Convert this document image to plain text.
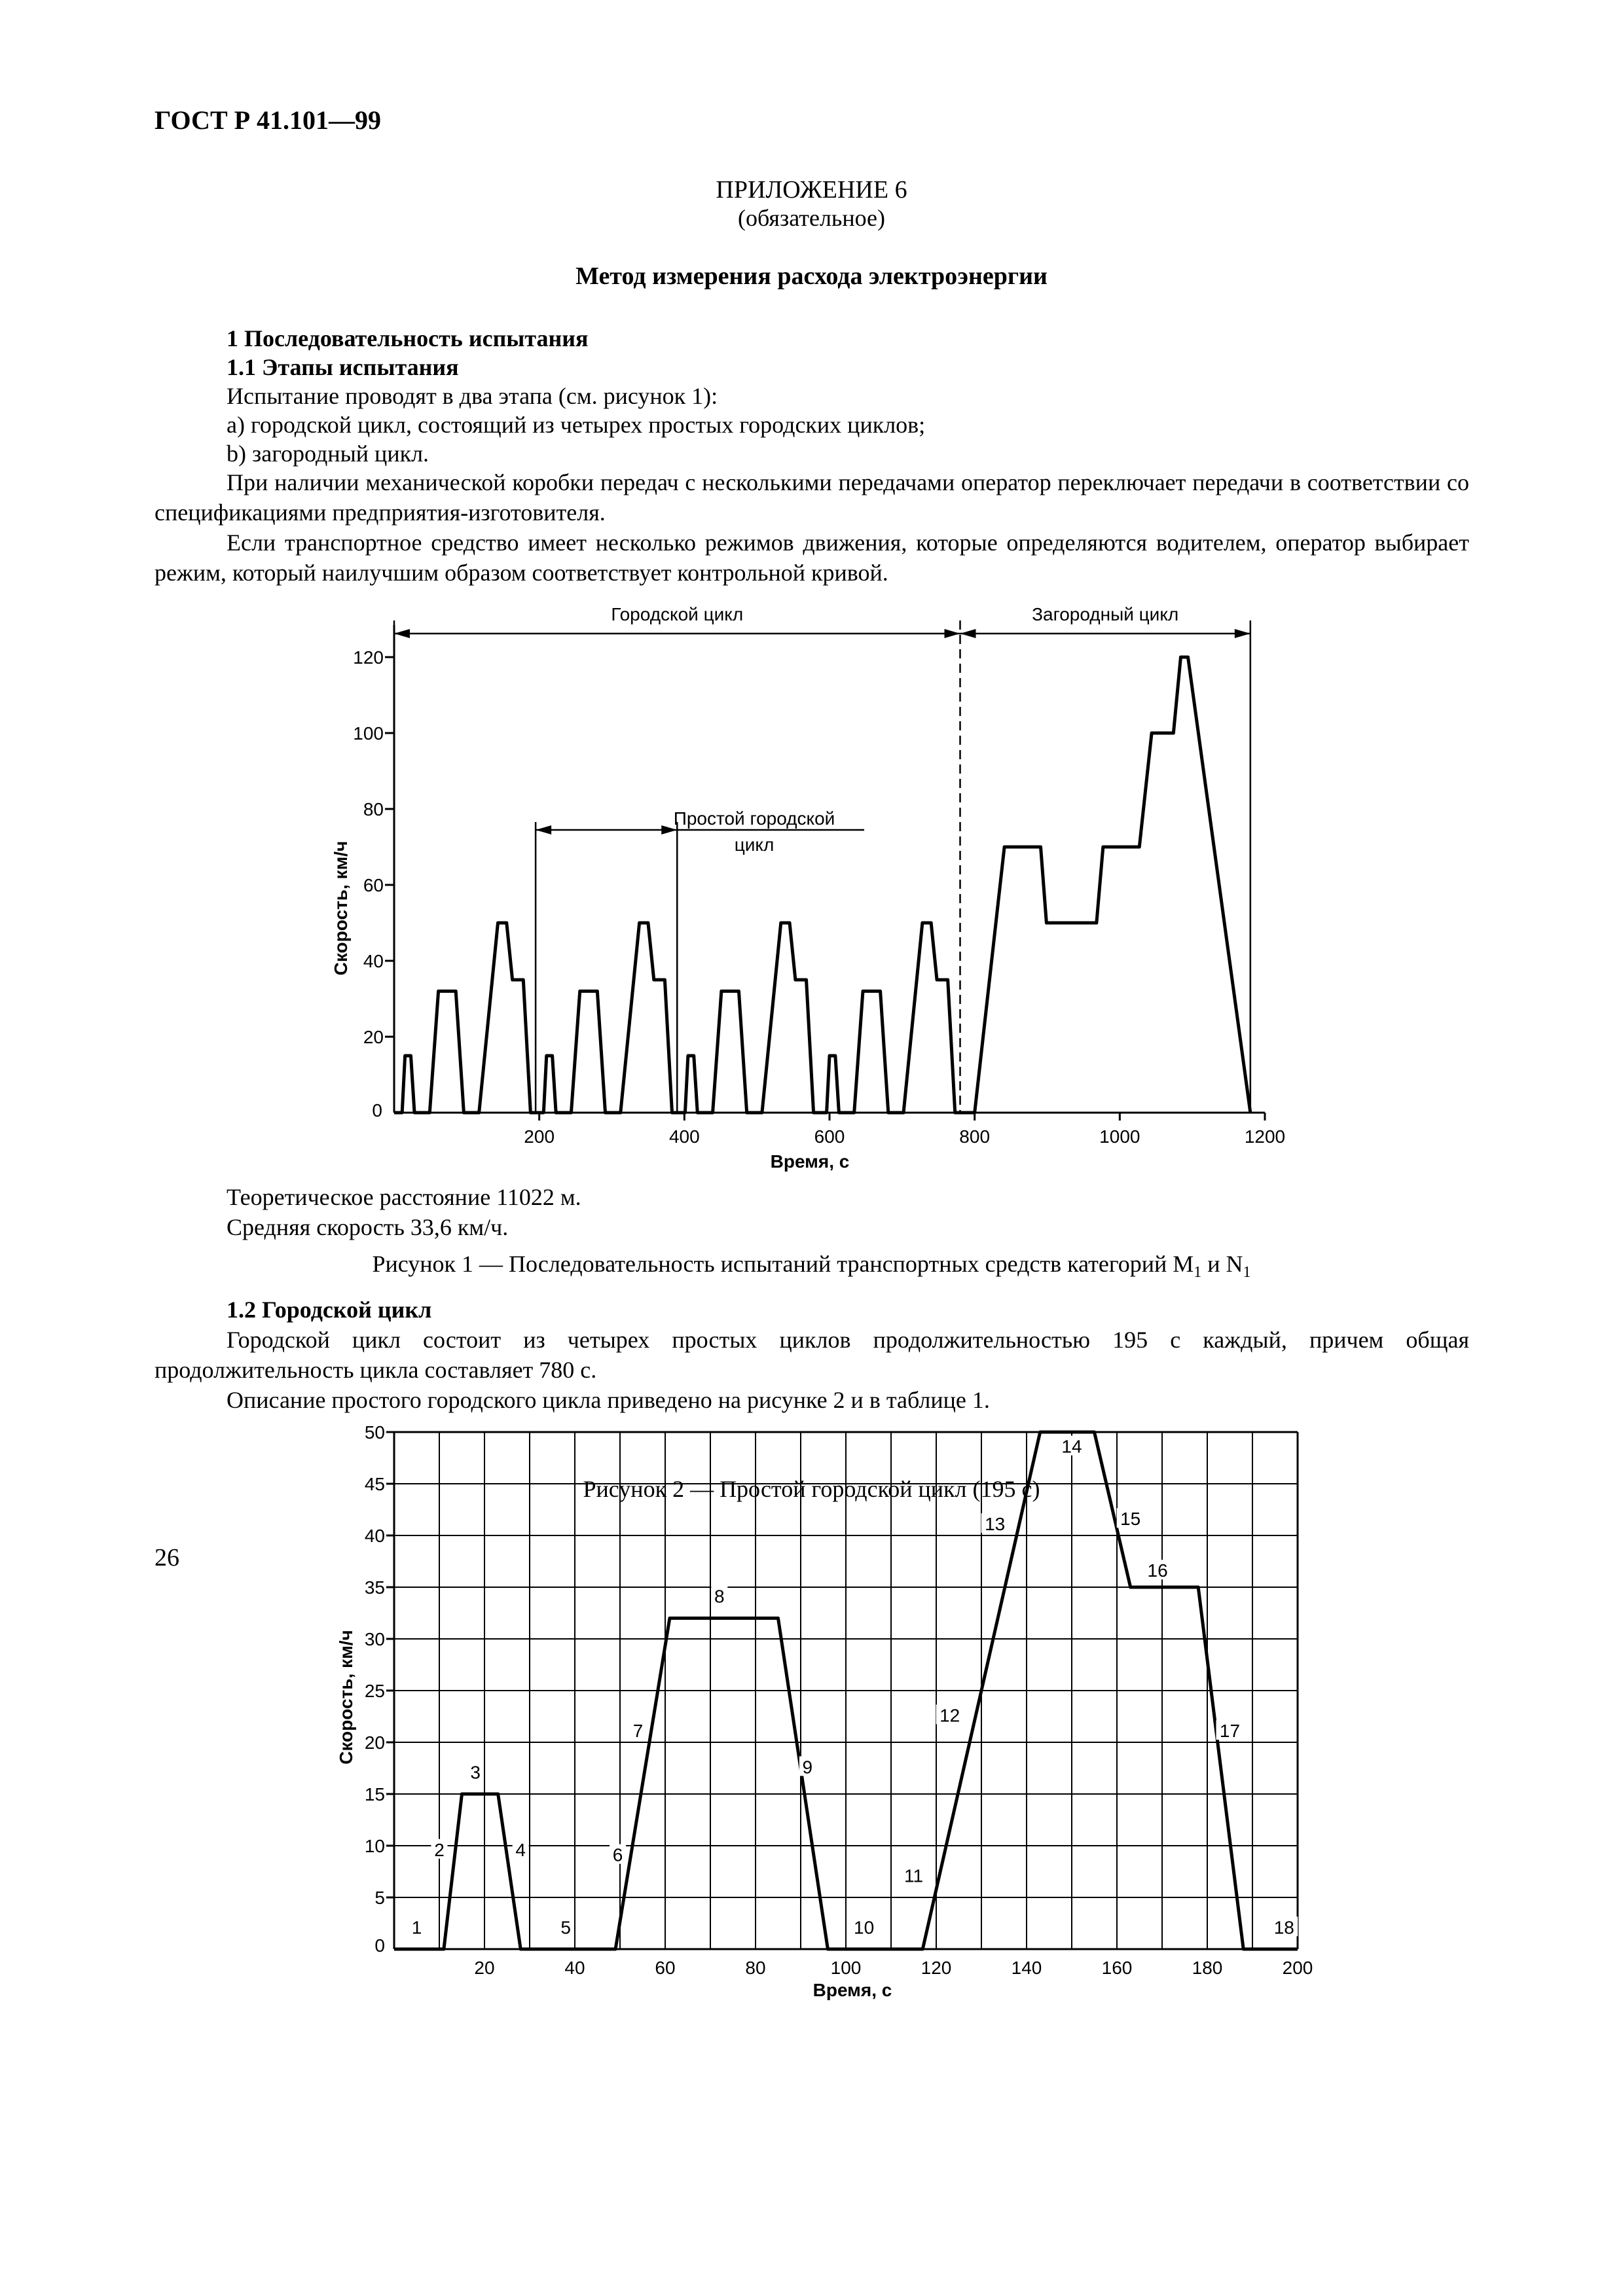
ГОСТ Р 41.101—99
ПРИЛОЖЕНИЕ 6
(обязательное)
Метод измерения расхода электроэнергии
1 Последовательность испытания
1.1 Этапы испытания
Испытание проводят в два этапа (см. рисунок 1):
a) городской цикл, состоящий из четырех простых городских циклов;
b) загородный цикл.
При наличии механической коробки передач с несколькими передачами оператор переключает передачи в соответствии со спецификациями предприятия-изготовителя.
Если транспортное средство имеет несколько режимов движения, которые определяются водителем, оператор выбирает режим, который наилучшим образом соответствует контрольной кривой.
20
40
60
80
100
120
0
200	400	600	800	1000	1200
Время, с
Скорость, км/ч
Городской цикл	Загородный цикл
Простой городской
цикл
5
10
15
20
25
30
35
40
45
50
0
20	40	60	80	100	120	140	160	180	200
Время, с
Скорость, км/ч
1
2
3
4
5
6
7
8
9
10
11
12
13
14
15
16
17
18
Теоретическое расстояние 11022 м.
Средняя скорость 33,6 км/ч.
Рисунок 1 — Последовательность испытаний транспортных средств категорий $M_1$ и $N_1$
1.2 Городской цикл
Городской цикл состоит из четырех простых циклов продолжительностью 195 с каждый, причем общая продолжительность цикла составляет 780 с.
Описание простого городского цикла приведено на рисунке 2 и в таблице 1.
Рисунок 2 — Простой городской цикл (195 с)
26
